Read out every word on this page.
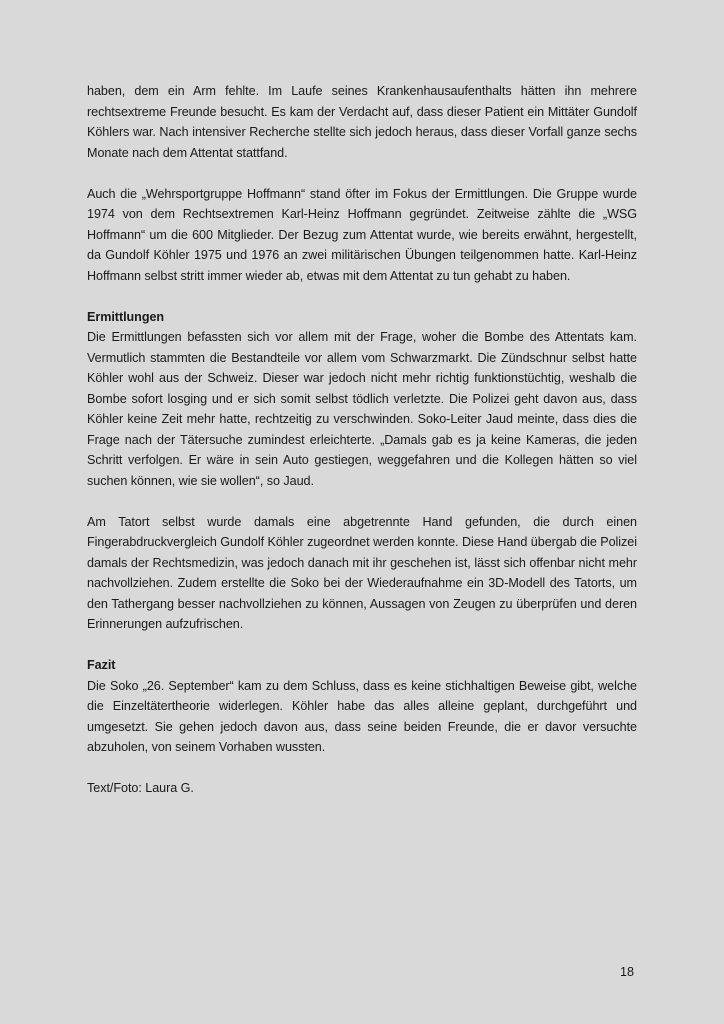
haben, dem ein Arm fehlte. Im Laufe seines Krankenhausaufenthalts hätten ihn mehrere rechtsextreme Freunde besucht. Es kam der Verdacht auf, dass dieser Patient ein Mittäter Gundolf Köhlers war. Nach intensiver Recherche stellte sich jedoch heraus, dass dieser Vorfall ganze sechs Monate nach dem Attentat stattfand.

Auch die „Wehrsportgruppe Hoffmann“ stand öfter im Fokus der Ermittlungen. Die Gruppe wurde 1974 von dem Rechtsextremen Karl-Heinz Hoffmann gegründet. Zeitweise zählte die „WSG Hoffmann“ um die 600 Mitglieder. Der Bezug zum Attentat wurde, wie bereits erwähnt, hergestellt, da Gundolf Köhler 1975 und 1976 an zwei militärischen Übungen teilgenommen hatte. Karl-Heinz Hoffmann selbst stritt immer wieder ab, etwas mit dem Attentat zu tun gehabt zu haben.

Ermittlungen

Die Ermittlungen befassten sich vor allem mit der Frage, woher die Bombe des Attentats kam. Vermutlich stammten die Bestandteile vor allem vom Schwarzmarkt. Die Zündschnur selbst hatte Köhler wohl aus der Schweiz. Dieser war jedoch nicht mehr richtig funktionstüchtig, weshalb die Bombe sofort losging und er sich somit selbst tödlich verletzte. Die Polizei geht davon aus, dass Köhler keine Zeit mehr hatte, rechtzeitig zu verschwinden. Soko-Leiter Jaud meinte, dass dies die Frage nach der Tätersuche zumindest erleichterte. „Damals gab es ja keine Kameras, die jeden Schritt verfolgen. Er wäre in sein Auto gestiegen, weggefahren und die Kollegen hätten so viel suchen können, wie sie wollen“, so Jaud.

Am Tatort selbst wurde damals eine abgetrennte Hand gefunden, die durch einen Fingerabdruckvergleich Gundolf Köhler zugeordnet werden konnte. Diese Hand übergab die Polizei damals der Rechtsmedizin, was jedoch danach mit ihr geschehen ist, lässt sich offenbar nicht mehr nachvollziehen. Zudem erstellte die Soko bei der Wiederaufnahme ein 3D-Modell des Tatorts, um den Tathergang besser nachvollziehen zu können, Aussagen von Zeugen zu überprüfen und deren Erinnerungen aufzufrischen.

Fazit

Die Soko „26. September“ kam zu dem Schluss, dass es keine stichhaltigen Beweise gibt, welche die Einzeltätertheorie widerlegen. Köhler habe das alles alleine geplant, durchgeführt und umgesetzt. Sie gehen jedoch davon aus, dass seine beiden Freunde, die er davor versuchte abzuholen, von seinem Vorhaben wussten.

Text/Foto: Laura G.

18
